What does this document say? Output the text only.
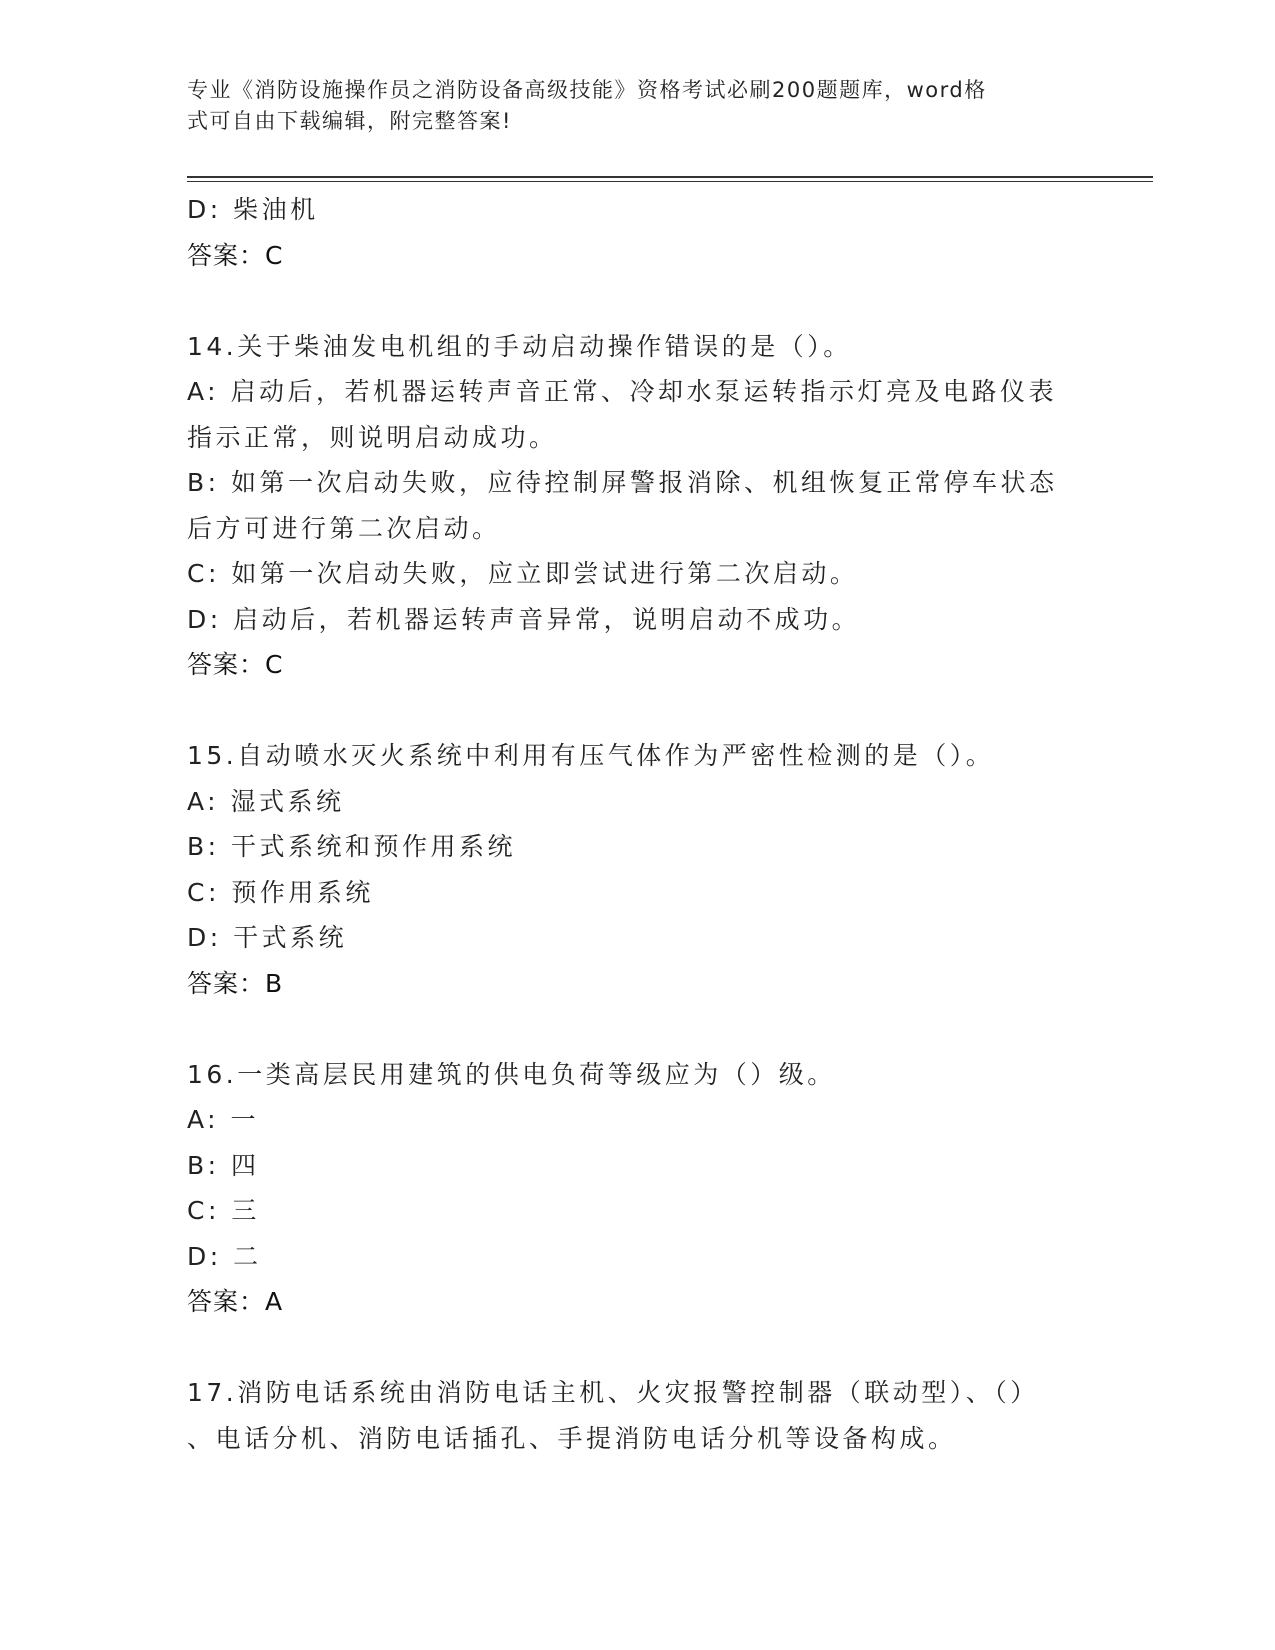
专业《消防设施操作员之消防设备高级技能》资格考试必刷200题题库，word格
式可自由下载编辑，附完整答案!
D: 柴油机
答案：C
14.关于柴油发电机组的手动启动操作错误的是（）。
A: 启动后，若机器运转声音正常、冷却水泵运转指示灯亮及电路仪表
指示正常，则说明启动成功。
B: 如第一次启动失败，应待控制屏警报消除、机组恢复正常停车状态
后方可进行第二次启动。
C: 如第一次启动失败，应立即尝试进行第二次启动。
D: 启动后，若机器运转声音异常，说明启动不成功。
答案：C
15.自动喷水灭火系统中利用有压气体作为严密性检测的是（）。
A: 湿式系统
B: 干式系统和预作用系统
C: 预作用系统
D: 干式系统
答案：B
16.一类高层民用建筑的供电负荷等级应为（）级。
A: 一
B: 四
C: 三
D: 二
答案：A
17.消防电话系统由消防电话主机、火灾报警控制器（联动型）、（）
、电话分机、消防电话插孔、手提消防电话分机等设备构成。
